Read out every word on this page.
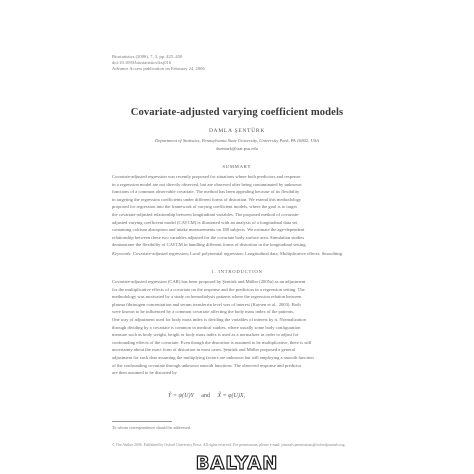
Biostatistics (2006), 7, 3, pp. 425–450
doi:10.1093/biostatistics/kxj016
Advance Access publication on February 24, 2006
Covariate-adjusted varying coefficient models
DAMLA ŞENTÜRK
Department of Statistics, Pennsylvania State University, University Park, PA 16802, USA
dsenturk@stat.psu.edu
SUMMARY
Covariate-adjusted regression was recently proposed for situations where both predictors and response
in a regression model are not directly observed, but are observed after being contaminated by unknown
functions of a common observable covariate. The method has been appealing because of its flexibility
in targeting the regression coefficients under different forms of distortion. We extend this methodology
proposed for regression into the framework of varying coefficient models, where the goal is to target
the covariate-adjusted relationship between longitudinal variables. The proposed method of covariate-
adjusted varying coefficient model (CAVCM) is illustrated with an analysis of a longitudinal data set
containing calcium absorption and intake measurements on 188 subjects. We estimate the age-dependent
relationship between these two variables adjusted for the covariate body surface area. Simulation studies
demonstrate the flexibility of CAVCM in handling different forms of distortion in the longitudinal setting.
Keywords: Covariate-adjusted regression; Local polynomial regression; Longitudinal data; Multiplicative effects; Smoothing.
1. INTRODUCTION
Covariate-adjusted regression (CAR) has been proposed by Şentürk and Müller (2005a) as an adjustment
for the multiplicative effects of a covariate on the response and the predictors in a regression setting. The
methodology was motivated by a study on hemodialysis patients where the regression relation between
plasma fibrinogen concentration and serum transferrin level was of interest (Kaysen et al., 2003). Both
were known to be influenced by a common covariate affecting the body mass index of the patients.
One way of adjustment used for body mass index is dividing the variables of interest by it. Normalization
through dividing by a covariate is common in medical studies, where usually some body configuration
measure such as body weight, height or body mass index is used as a normalizer in order to adjust for
confounding effects of the covariate. Even though the distortion is assumed to be multiplicative, there is still
uncertainty about the exact form of distortion in most cases. Şentürk and Müller proposed a general
adjustment for such data assuming the multiplying factors are unknown but still employing a smooth function
of the confounding covariate through unknown smooth functions. The observed response and predictor
are then assumed to be distorted by
Ỹ = ψ(U)Y and X̃ = φ(U)X,
To whom correspondence should be addressed.
© The Author 2006. Published by Oxford University Press. All rights reserved. For permissions, please e-mail: journals.permissions@oxfordjournals.org.
BALYAN
